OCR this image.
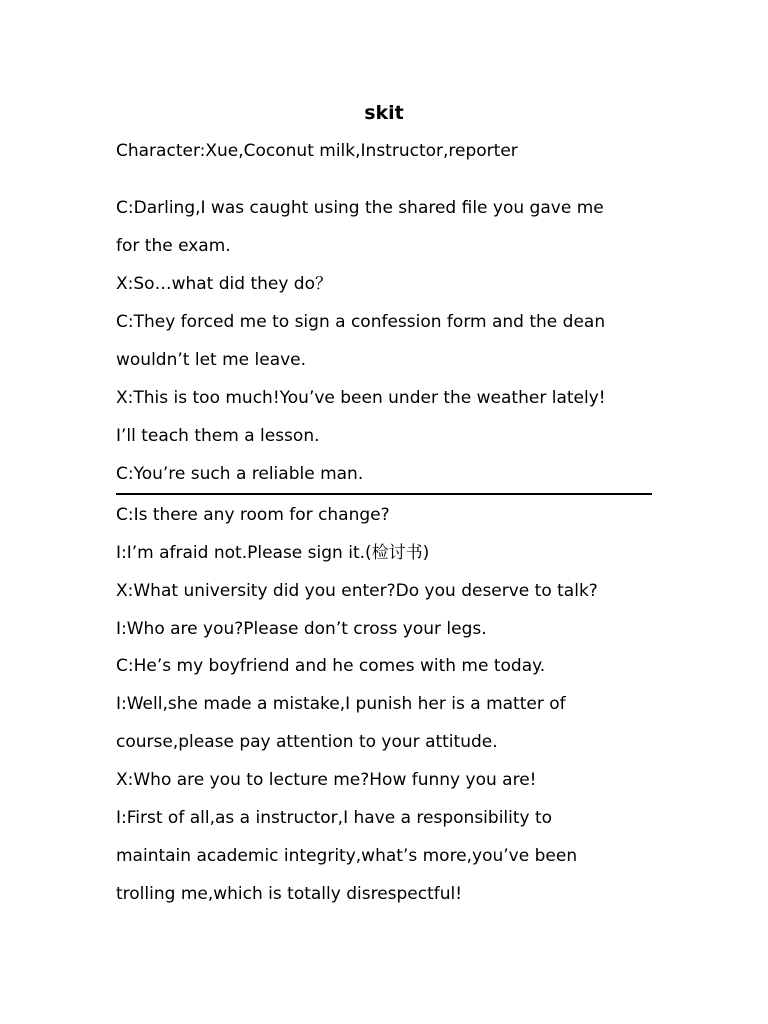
skit

Character:Xue,Coconut milk,Instructor,reporter

C:Darling,I was caught using the shared file you gave me

for the exam.

X:So…what did they do？

C:They forced me to sign a confession form and the dean

wouldn’t let me leave.

X:This is too much!You’ve been under the weather lately!

I’ll teach them a lesson.

C:You’re such a reliable man.

C:Is there any room for change?

I:I’m afraid not.Please sign it.(检讨书)

X:What university did you enter?Do you deserve to talk?

I:Who are you?Please don’t cross your legs.

C:He’s my boyfriend and he comes with me today.

I:Well,she made a mistake,I punish her is a matter of

course,please pay attention to your attitude.

X:Who are you to lecture me?How funny you are!

I:First of all,as a instructor,I have a responsibility to

maintain academic integrity,what’s more,you’ve been

trolling me,which is totally disrespectful!
